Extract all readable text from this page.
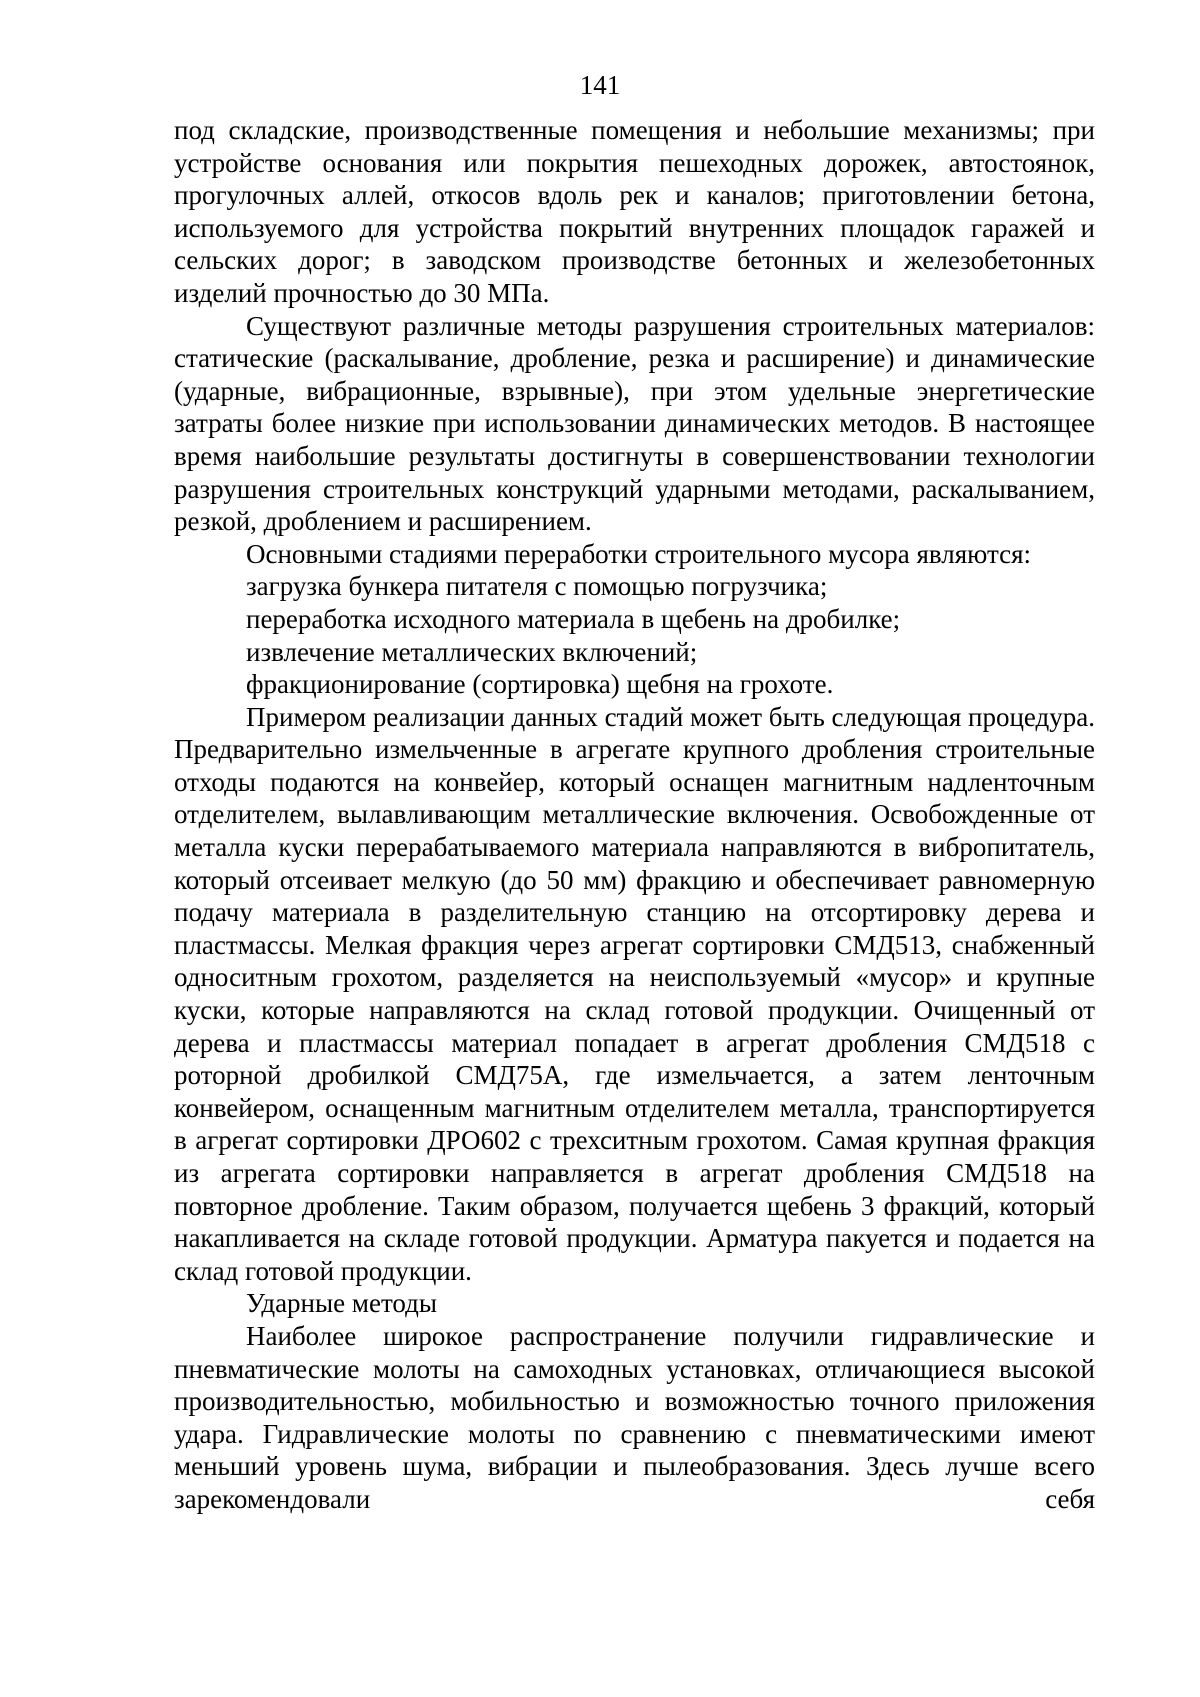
141

под складские, производственные помещения и небольшие механизмы; при устройстве основания или покрытия пешеходных дорожек, автостоянок, прогулочных аллей, откосов вдоль рек и каналов; приготовлении бетона, используемого для устройства покрытий внутренних площадок гаражей и сельских дорог; в заводском производстве бетонных и железобетонных изделий прочностью до 30 МПа.

Существуют различные методы разрушения строительных материалов: статические (раскалывание, дробление, резка и расширение) и динамические (ударные, вибрационные, взрывные), при этом удельные энергетические затраты более низкие при использовании динамических методов. В настоящее время наибольшие результаты достигнуты в совершенствовании технологии разрушения строительных конструкций ударными методами, раскалыванием, резкой, дроблением и расширением.

Основными стадиями переработки строительного мусора являются:

загрузка бункера питателя с помощью погрузчика;

переработка исходного материала в щебень на дробилке;

извлечение металлических включений;

фракционирование (сортировка) щебня на грохоте.

Примером реализации данных стадий может быть следующая процедура. Предварительно измельченные в агрегате крупного дробления строительные отходы подаются на конвейер, который оснащен магнитным надленточным отделителем, вылавливающим металлические включения. Освобожденные от металла куски перерабатываемого материала направляются в вибропитатель, который отсеивает мелкую (до 50 мм) фракцию и обеспечивает равномерную подачу материала в разделительную станцию на отсортировку дерева и пластмассы. Мелкая фракция через агрегат сортировки СМД513, снабженный односитным грохотом, разделяется на неиспользуемый «мусор» и крупные куски, которые направляются на склад готовой продукции. Очищенный от дерева и пластмассы материал попадает в агрегат дробления СМД518 с роторной дробилкой СМД75А, где измельчается, а затем ленточным конвейером, оснащенным магнитным отделителем металла, транспортируется в агрегат сортировки ДРО602 с трехситным грохотом. Самая крупная фракция из агрегата сортировки направляется в агрегат дробления СМД518 на повторное дробление. Таким образом, получается щебень 3 фракций, который накапливается на складе готовой продукции. Арматура пакуется и подается на склад готовой продукции.

Ударные методы

Наиболее широкое распространение получили гидравлические и пневматические молоты на самоходных установках, отличающиеся высокой производительностью, мобильностью и возможностью точного приложения удара. Гидравлические молоты по сравнению с пневматическими имеют меньший уровень шума, вибрации и пылеобразования. Здесь лучше всего зарекомендовали себя
